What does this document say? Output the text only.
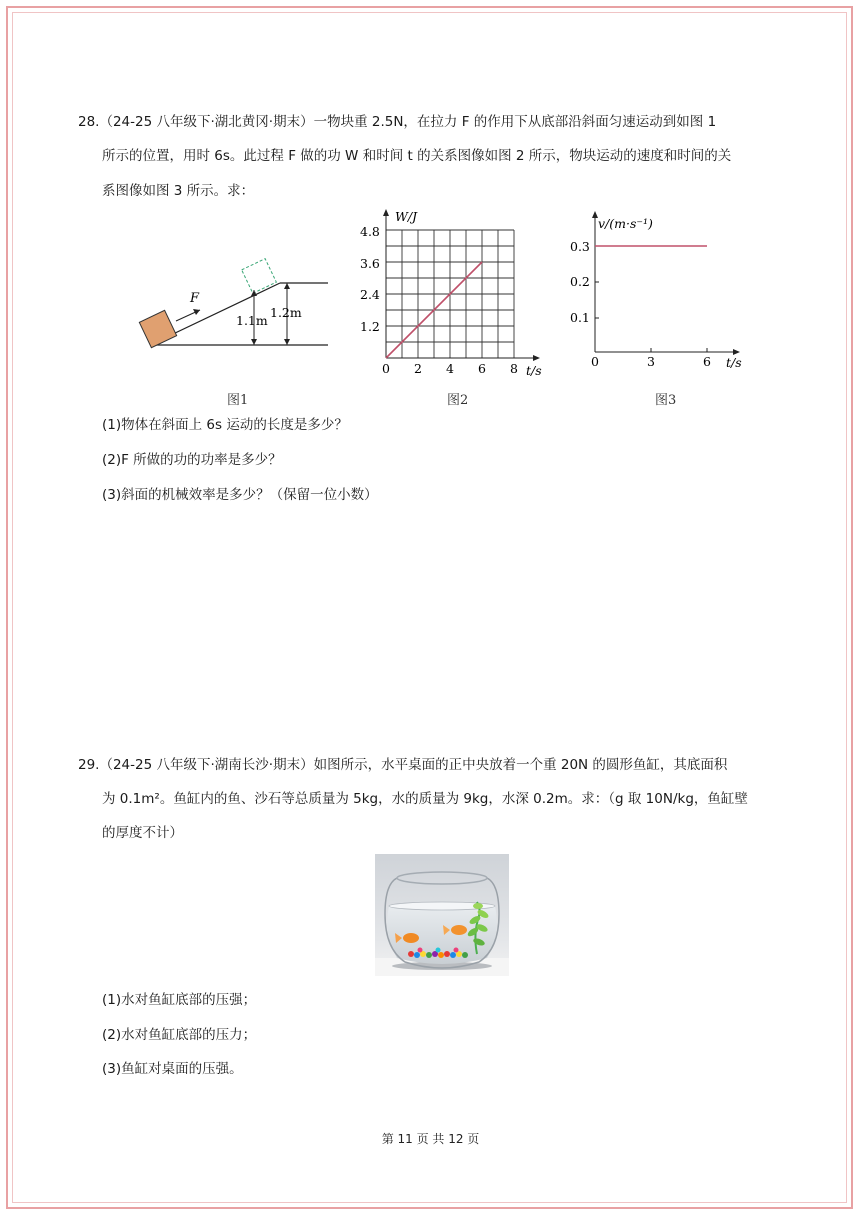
28.（24-25 八年级下·湖北黄冈·期末）一物块重 2.5N，在拉力 F 的作用下从底部沿斜面匀速运动到如图 1
所示的位置，用时 6s。此过程 F 做的功 W 和时间 t 的关系图像如图 2 所示，物块运动的速度和时间的关
系图像如图 3 所示。求：
F
1.1m
1.2m
图1
W/J
t/s
0
1.2
2.4
3.6
4.8
2 4 6 8
图2
v/(m·s⁻¹)
t/s
0
0.1
0.2
0.3
3	6
图3
(1)物体在斜面上 6s 运动的长度是多少？
(2)F 所做的功的功率是多少？
(3)斜面的机械效率是多少？（保留一位小数）
29.（24-25 八年级下·湖南长沙·期末）如图所示，水平桌面的正中央放着一个重 20N 的圆形鱼缸，其底面积
为 0.1m²。鱼缸内的鱼、沙石等总质量为 5kg，水的质量为 9kg，水深 0.2m。求：（g 取 10N/kg，鱼缸壁
的厚度不计）
(1)水对鱼缸底部的压强；
(2)水对鱼缸底部的压力；
(3)鱼缸对桌面的压强。
第 11 页 共 12 页
